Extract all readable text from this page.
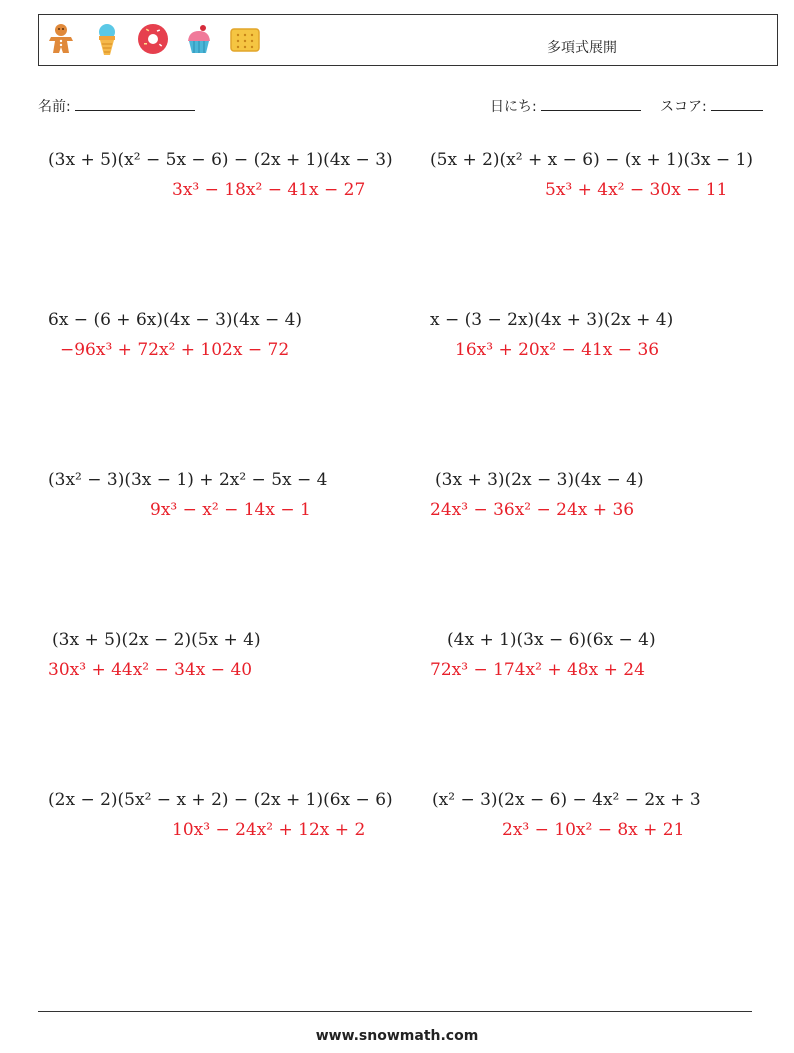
多項式展開
名前:	日にち:	スコア:
(3x + 5)(x² − 5x − 6) − (2x + 1)(4x − 3)
3x³ − 18x² − 41x − 27
(5x + 2)(x² + x − 6) − (x + 1)(3x − 1)
5x³ + 4x² − 30x − 11
6x − (6 + 6x)(4x − 3)(4x − 4)
−96x³ + 72x² + 102x − 72
x − (3 − 2x)(4x + 3)(2x + 4)
16x³ + 20x² − 41x − 36
(3x² − 3)(3x − 1) + 2x² − 5x − 4
9x³ − x² − 14x − 1
(3x + 3)(2x − 3)(4x − 4)
24x³ − 36x² − 24x + 36
(3x + 5)(2x − 2)(5x + 4)
30x³ + 44x² − 34x − 40
(4x + 1)(3x − 6)(6x − 4)
72x³ − 174x² + 48x + 24
(2x − 2)(5x² − x + 2) − (2x + 1)(6x − 6)
10x³ − 24x² + 12x + 2
(x² − 3)(2x − 6) − 4x² − 2x + 3
2x³ − 10x² − 8x + 21
www.snowmath.com
